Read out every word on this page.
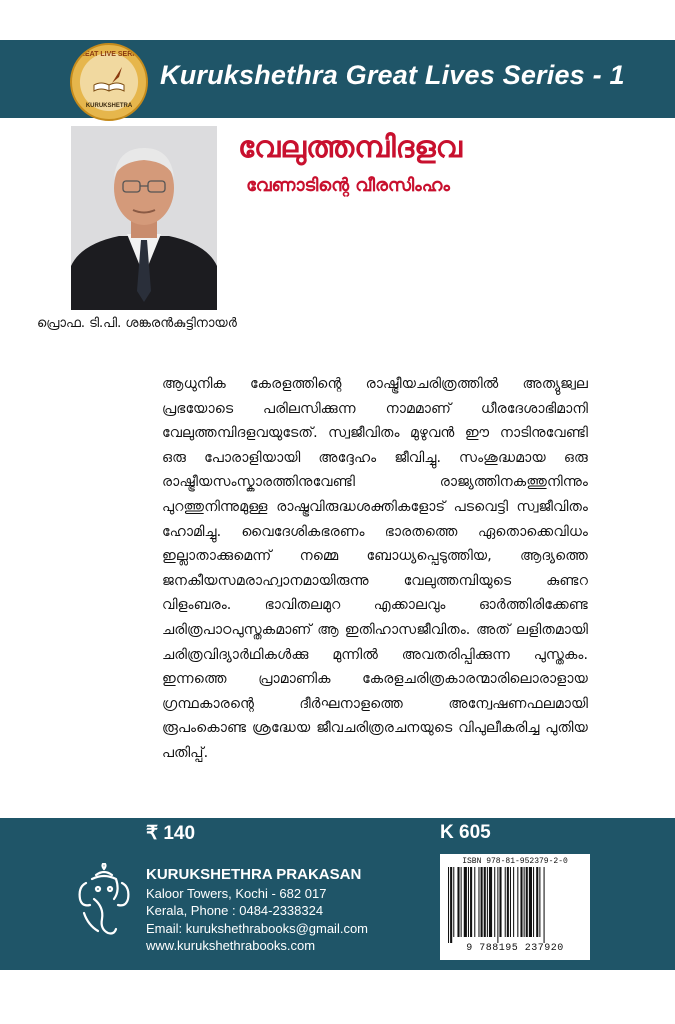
GREAT LIVE SERIES
KURUKSHETRA
Kurukshethra Great Lives Series - 1
പ്രൊഫ. ടി.പി. ശങ്കരൻകുട്ടിനായർ
വേലുത്തമ്പിദളവ
വേണാടിന്റെ വീരസിംഹം

ആധുനിക കേരളത്തിന്റെ രാഷ്ട്രീയചരിത്രത്തിൽ അത്യുജ്വല പ്രഭയോടെ പരിലസിക്കുന്ന നാമമാണ് ധീരദേശാഭിമാനി വേലുത്തമ്പിദളവയുടേത്. സ്വജീവിതം മുഴുവൻ ഈ നാടിനുവേണ്ടി ഒരു പോരാളിയായി അദ്ദേഹം ജീവിച്ചു. സംശുദ്ധമായ ഒരു രാഷ്ട്രീയസംസ്കാരത്തിനുവേണ്ടി രാജ്യത്തിനകത്തുനിന്നും പുറത്തുനിന്നുമുള്ള രാഷ്ട്രവിരുദ്ധശക്തികളോട് പടവെട്ടി സ്വജീവിതം ഹോമിച്ചു. വൈദേശികഭരണം ഭാരതത്തെ ഏതൊക്കെവിധം ഇല്ലാതാക്കുമെന്ന് നമ്മെ ബോധ്യപ്പെടുത്തിയ, ആദ്യത്തെ ജനകീയസമരാഹ്വാനമായിരുന്നു വേലുത്തമ്പിയുടെ കുണ്ടറ വിളംബരം. ഭാവിതലമുറ എക്കാലവും ഓർത്തിരിക്കേണ്ട ചരിത്രപാഠപുസ്തകമാണ് ആ ഇതിഹാസജീവിതം. അത് ലളിതമായി ചരിത്രവിദ്യാർഥികൾക്കു മുന്നിൽ അവതരിപ്പിക്കുന്ന പുസ്തകം. ഇന്നത്തെ പ്രാമാണിക കേരളചരിത്രകാരന്മാരിലൊരാളായ ഗ്രന്ഥകാരന്റെ ദീർഘനാളത്തെ അന്വേഷണഫലമായി രൂപംകൊണ്ട ശ്രദ്ധേയ ജീവചരിത്രരചനയുടെ വിപുലീകരിച്ച പുതിയ പതിപ്പ്.

₹ 140	K 605
KURUKSHETHRA PRAKASAN
Kaloor Towers, Kochi - 682 017
Kerala, Phone : 0484-2338324
Email: kurukshethrabooks@gmail.com
www.kurukshethrabooks.com
ISBN 978-81-952379-2-0
9 788195 237920
